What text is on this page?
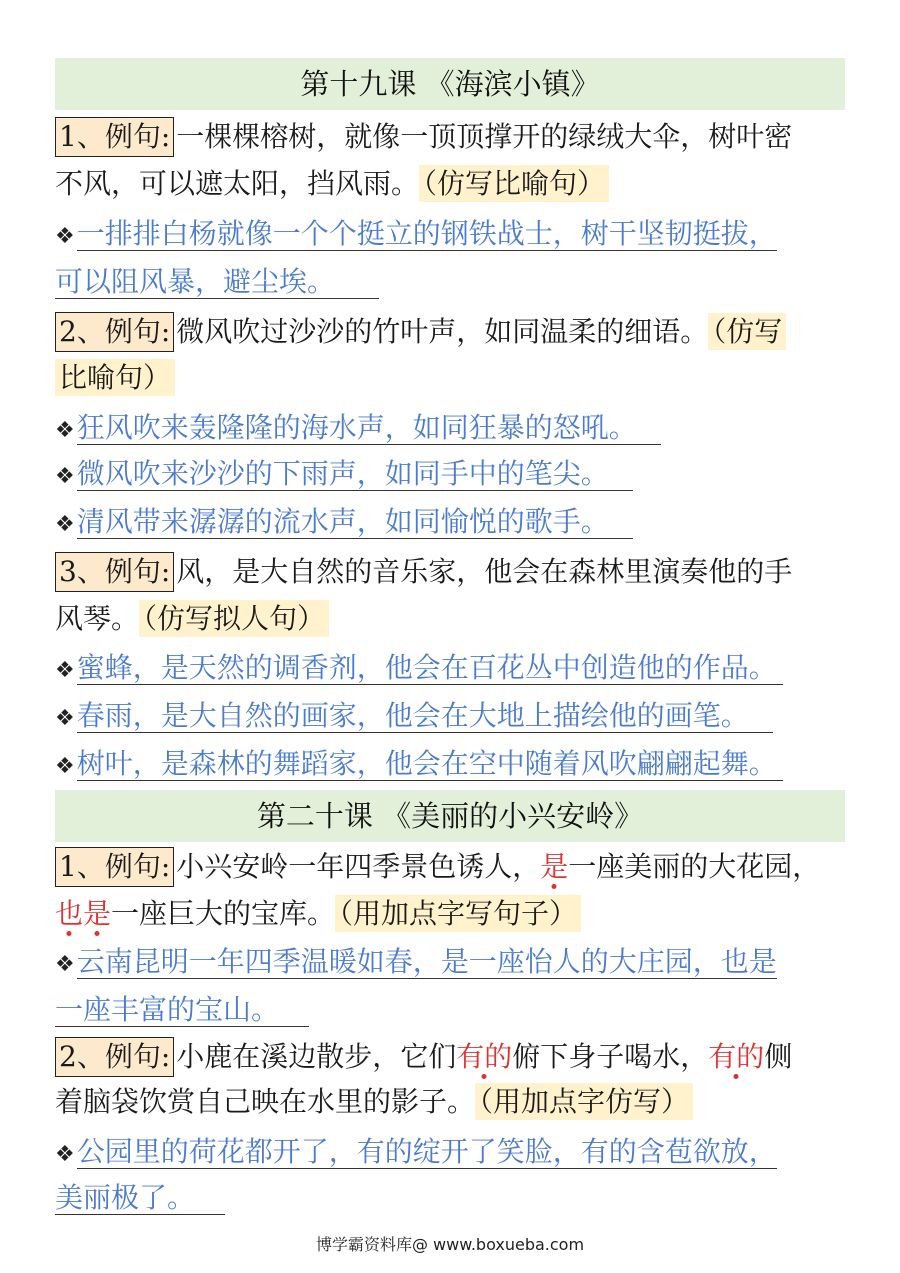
第十九课 《海滨小镇》
1、例句: 一棵棵榕树，就像一顶顶撑开的绿绒大伞，树叶密
不风，可以遮太阳，挡风雨。 （仿写比喻句）
❖一排排白杨就像一个个挺立的钢铁战士，树干坚韧挺拔，
可以阻风暴，避尘埃。
2、例句: 微风吹过沙沙的竹叶声，如同温柔的细语。 （仿写
比喻句）
❖狂风吹来轰隆隆的海水声，如同狂暴的怒吼。
❖微风吹来沙沙的下雨声，如同手中的笔尖。
❖清风带来潺潺的流水声，如同愉悦的歌手。
3、例句: 风，是大自然的音乐家，他会在森林里演奏他的手
风琴。 （仿写拟人句）
❖蜜蜂，是天然的调香剂，他会在百花丛中创造他的作品。
❖春雨，是大自然的画家，他会在大地上描绘他的画笔。
❖树叶，是森林的舞蹈家，他会在空中随着风吹翩翩起舞。
第二十课 《美丽的小兴安岭》
1、例句: 小兴安岭一年四季景色诱人，是一座美丽的大花园，
也是一座巨大的宝库。 （用加点字写句子）
❖云南昆明一年四季温暖如春，是一座怡人的大庄园，也是
一座丰富的宝山。
2、例句: 小鹿在溪边散步，它们有的俯下身子喝水，有的侧
着脑袋饮赏自己映在水里的影子。 （用加点字仿写）
❖公园里的荷花都开了，有的绽开了笑脸，有的含苞欲放，
美丽极了。
博学霸资料库@ www.boxueba.com
